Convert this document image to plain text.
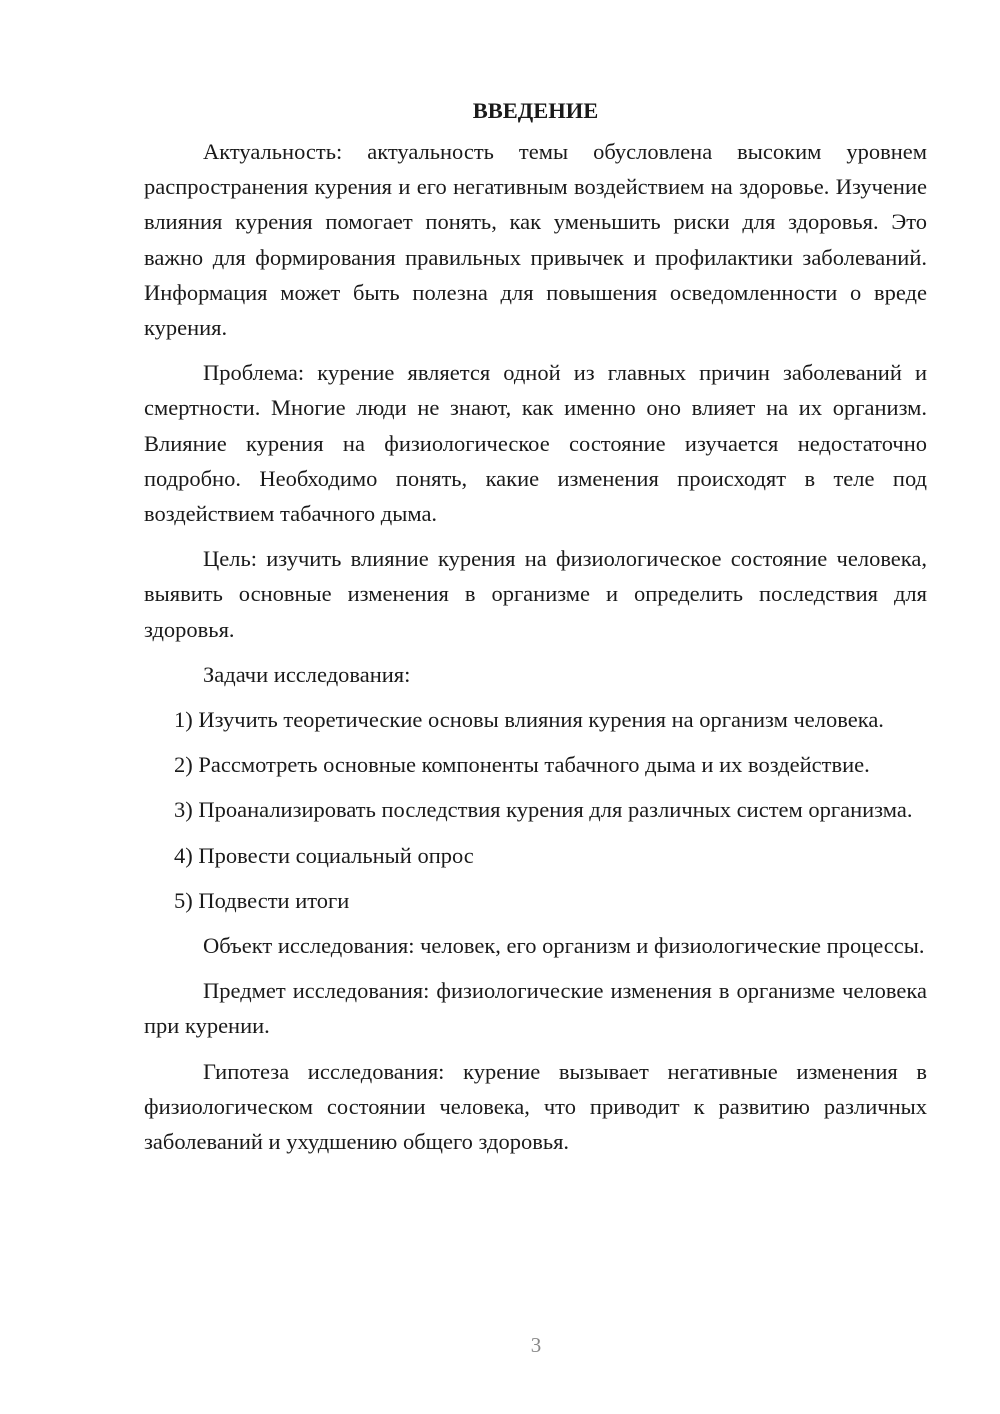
ВВЕДЕНИЕ

Актуальность: актуальность темы обусловлена высоким уровнем распространения курения и его негативным воздействием на здоровье. Изучение влияния курения помогает понять, как уменьшить риски для здоровья. Это важно для формирования правильных привычек и профилактики заболеваний. Информация может быть полезна для повышения осведомленности о вреде курения.

Проблема: курение является одной из главных причин заболеваний и смертности. Многие люди не знают, как именно оно влияет на их организм. Влияние курения на физиологическое состояние изучается недостаточно подробно. Необходимо понять, какие изменения происходят в теле под воздействием табачного дыма.

Цель: изучить влияние курения на физиологическое состояние человека, выявить основные изменения в организме и определить последствия для здоровья.

Задачи исследования:

1) Изучить теоретические основы влияния курения на организм человека.

2) Рассмотреть основные компоненты табачного дыма и их воздействие.

3) Проанализировать последствия курения для различных систем организма.

4) Провести социальный опрос

5) Подвести итоги

Объект исследования: человек, его организм и физиологические процессы.

Предмет исследования: физиологические изменения в организме человека при курении.

Гипотеза исследования: курение вызывает негативные изменения в физиологическом состоянии человека, что приводит к развитию различных заболеваний и ухудшению общего здоровья.

3
